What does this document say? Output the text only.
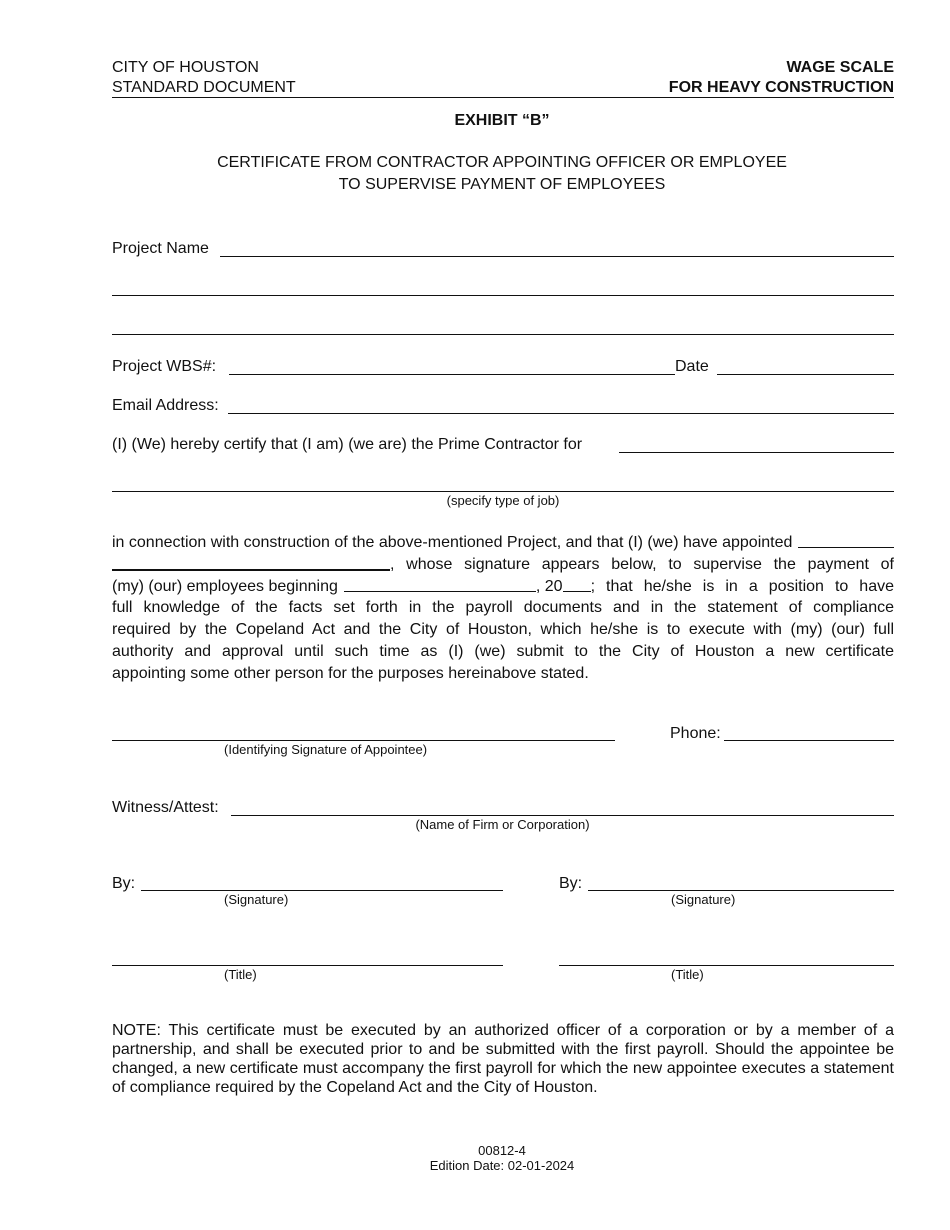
CITY OF HOUSTON
STANDARD DOCUMENT
WAGE SCALE
FOR HEAVY CONSTRUCTION
EXHIBIT “B”
CERTIFICATE FROM CONTRACTOR APPOINTING OFFICER OR EMPLOYEE
TO SUPERVISE PAYMENT OF EMPLOYEES
Project Name
Project WBS#:	Date
Email Address:
(I) (We) hereby certify that (I am) (we are) the Prime Contractor for
(specify type of job)
in connection with construction of the above-mentioned Project, and that (I) (we) have appointed
, whose signature appears below, to supervise the payment of
(my) (our) employees beginning	, 20 ; that he/she is in a position to have
full knowledge of the facts set forth in the payroll documents and in the statement of compliance
required by the Copeland Act and the City of Houston, which he/she is to execute with (my) (our) full
authority and approval until such time as (I) (we) submit to the City of Houston a new certificate
appointing some other person for the purposes hereinabove stated.
(Identifying Signature of Appointee)
Phone:
Witness/Attest:
(Name of Firm or Corporation)
By:
(Signature)
By:
(Signature)
(Title)	(Title)
NOTE: This certificate must be executed by an authorized officer of a corporation or by a member of a partnership, and shall be executed prior to and be submitted with the first payroll. Should the appointee be changed, a new certificate must accompany the first payroll for which the new appointee executes a statement of compliance required by the Copeland Act and the City of Houston.
00812-4
Edition Date: 02-01-2024
